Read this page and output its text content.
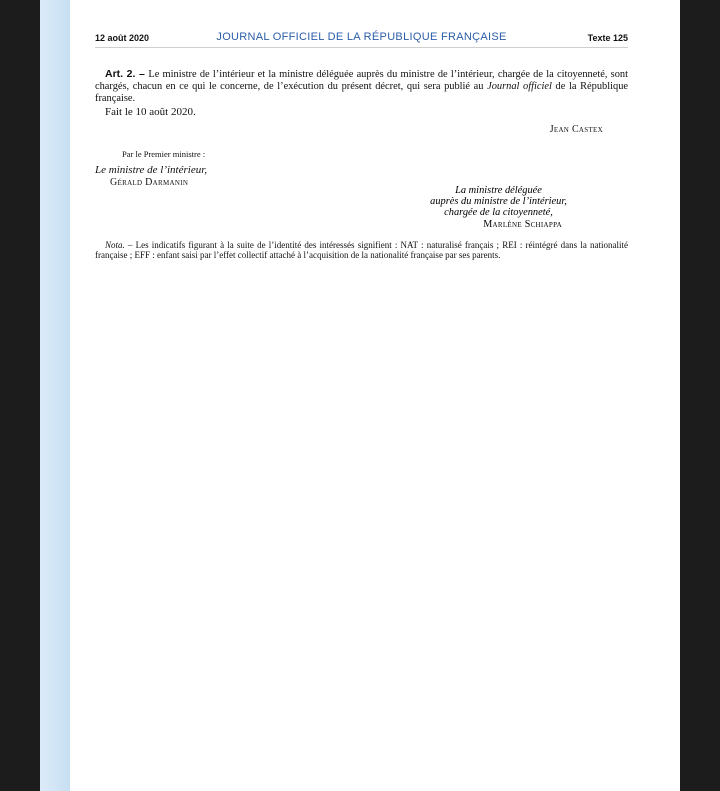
12 août 2020	JOURNAL OFFICIEL DE LA RÉPUBLIQUE FRANÇAISE	Texte 125

Art. 2. – Le ministre de l’intérieur et la ministre déléguée auprès du ministre de l’intérieur, chargée de la citoyenneté, sont chargés, chacun en ce qui le concerne, de l’exécution du présent décret, qui sera publié au Journal officiel de la République française.

Fait le 10 août 2020.

Jean Castex
Par le Premier ministre :
Le ministre de l’intérieur,
Gérald Darmanin
La ministre déléguée
auprès du ministre de l’intérieur,
chargée de la citoyenneté,
Marlène Schiappa

Nota. – Les indicatifs figurant à la suite de l’identité des intéressés signifient : NAT : naturalisé français ; REI : réintégré dans la nationalité française ; EFF : enfant saisi par l’effet collectif attaché à l’acquisition de la nationalité française par ses parents.
